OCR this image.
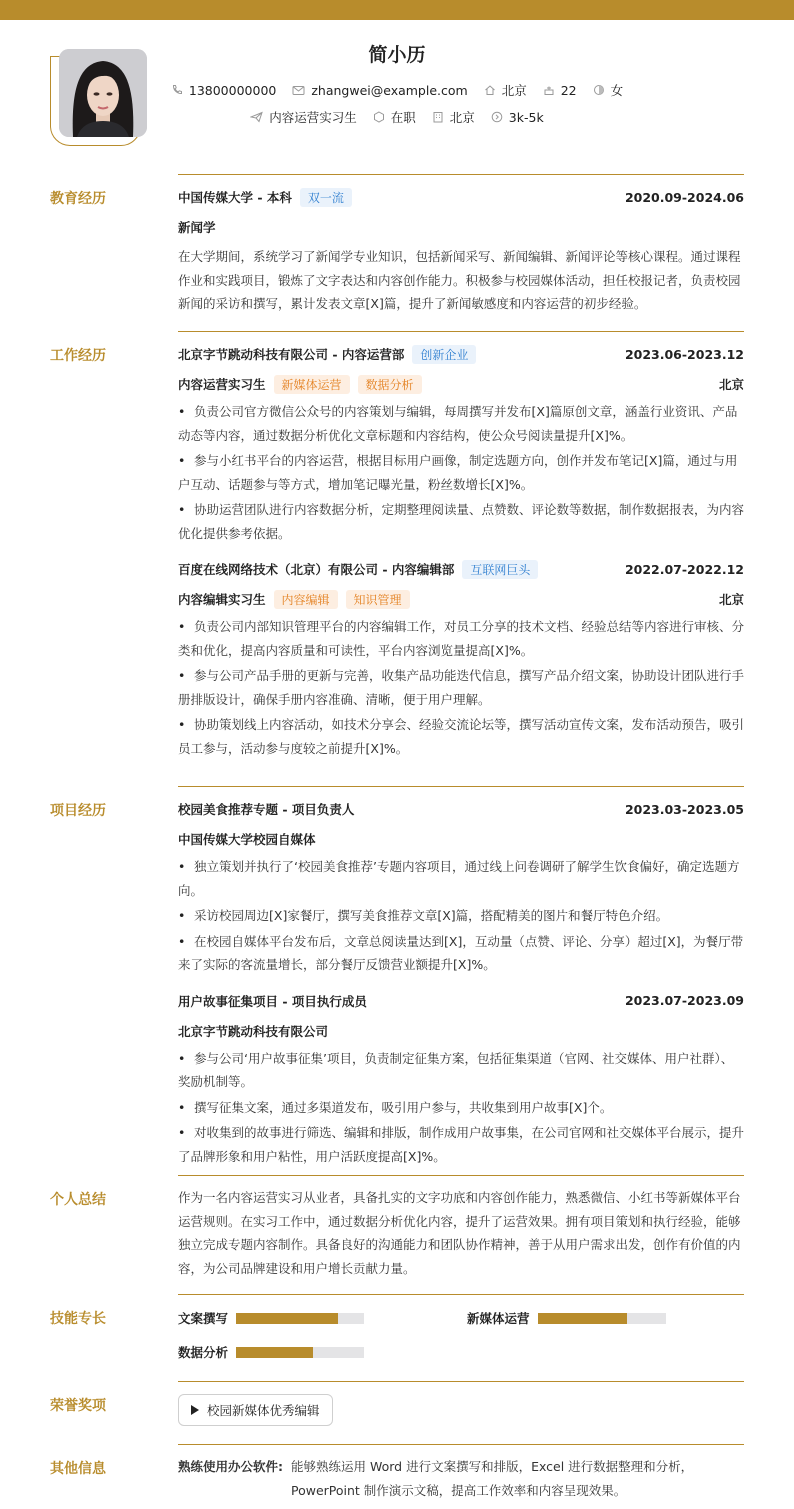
简小历
13800000000
	zhangwei@example.com
	北京
	22
	女
内容运营实习生
	在职
	北京
	3k-5k
教育经历	中国传媒大学 - 本科	双一流	2020.09-2024.06
新闻学
在大学期间，系统学习了新闻学专业知识，包括新闻采写、新闻编辑、新闻评论等核心课程。通过课程作业和实践项目，锻炼了文字表达和内容创作能力。积极参与校园媒体活动，担任校报记者，负责校园新闻的采访和撰写，累计发表文章[X]篇，提升了新闻敏感度和内容运营的初步经验。
工作经历	北京字节跳动科技有限公司 - 内容运营部	创新企业	2023.06-2023.12
内容运营实习生	新媒体运营	数据分析	北京
• 负责公司官方微信公众号的内容策划与编辑，每周撰写并发布[X]篇原创文章，涵盖行业资讯、产品动态等内容，通过数据分析优化文章标题和内容结构，使公众号阅读量提升[X]%。
• 参与小红书平台的内容运营，根据目标用户画像，制定选题方向，创作并发布笔记[X]篇，通过与用户互动、话题参与等方式，增加笔记曝光量，粉丝数增长[X]%。
• 协助运营团队进行内容数据分析，定期整理阅读量、点赞数、评论数等数据，制作数据报表，为内容优化提供参考依据。
百度在线网络技术（北京）有限公司 - 内容编辑部	互联网巨头	2022.07-2022.12
内容编辑实习生	内容编辑	知识管理	北京
• 负责公司内部知识管理平台的内容编辑工作，对员工分享的技术文档、经验总结等内容进行审核、分类和优化，提高内容质量和可读性，平台内容浏览量提高[X]%。
• 参与公司产品手册的更新与完善，收集产品功能迭代信息，撰写产品介绍文案，协助设计团队进行手册排版设计，确保手册内容准确、清晰，便于用户理解。
• 协助策划线上内容活动，如技术分享会、经验交流论坛等，撰写活动宣传文案，发布活动预告，吸引员工参与，活动参与度较之前提升[X]%。
项目经历	校园美食推荐专题 - 项目负责人	2023.03-2023.05
中国传媒大学校园自媒体
• 独立策划并执行了‘校园美食推荐’专题内容项目，通过线上问卷调研了解学生饮食偏好，确定选题方向。
• 采访校园周边[X]家餐厅，撰写美食推荐文章[X]篇，搭配精美的图片和餐厅特色介绍。
• 在校园自媒体平台发布后，文章总阅读量达到[X]，互动量（点赞、评论、分享）超过[X]，为餐厅带来了实际的客流量增长，部分餐厅反馈营业额提升[X]%。
用户故事征集项目 - 项目执行成员	2023.07-2023.09
北京字节跳动科技有限公司
• 参与公司‘用户故事征集’项目，负责制定征集方案，包括征集渠道（官网、社交媒体、用户社群）、奖励机制等。
• 撰写征集文案，通过多渠道发布，吸引用户参与，共收集到用户故事[X]个。
• 对收集到的故事进行筛选、编辑和排版，制作成用户故事集，在公司官网和社交媒体平台展示，提升了品牌形象和用户粘性，用户活跃度提高[X]%。
个人总结	作为一名内容运营实习从业者，具备扎实的文字功底和内容创作能力，熟悉微信、小红书等新媒体平台运营规则。在实习工作中，通过数据分析优化内容，提升了运营效果。拥有项目策划和执行经验，能够独立完成专题内容制作。具备良好的沟通能力和团队协作精神，善于从用户需求出发，创作有价值的内容，为公司品牌建设和用户增长贡献力量。
技能专长	文案撰写	新媒体运营
数据分析
荣誉奖项	校园新媒体优秀编辑
其他信息	熟练使用办公软件: 能够熟练运用 Word 进行文案撰写和排版，Excel 进行数据整理和分析，PowerPoint 制作演示文稿，提高工作效率和内容呈现效果。
